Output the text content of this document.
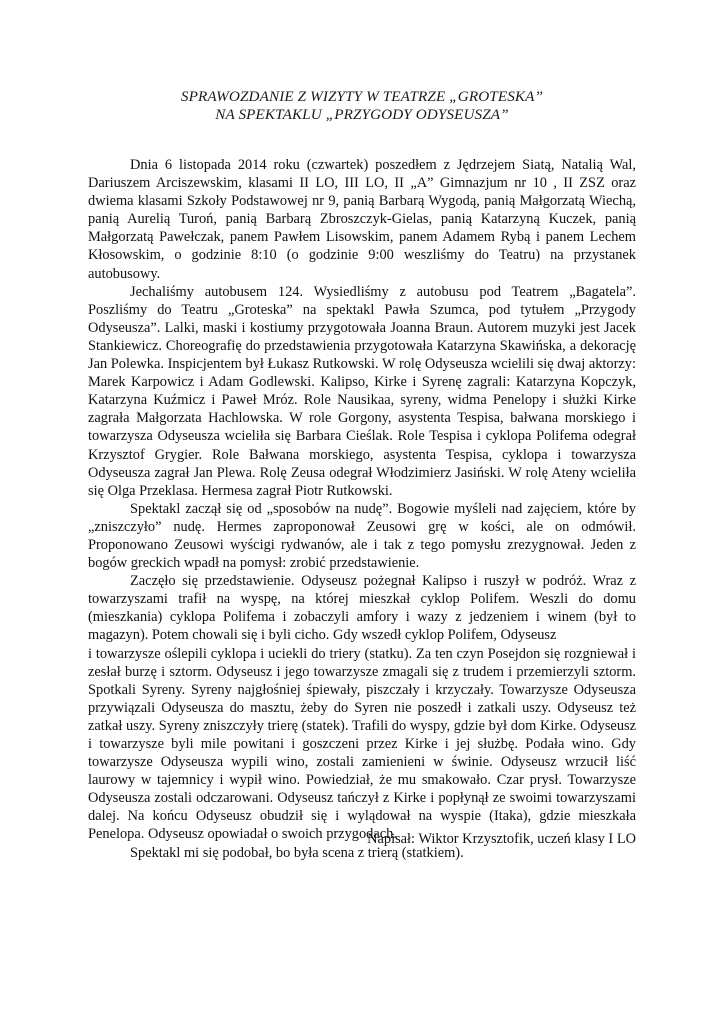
SPRAWOZDANIE Z WIZYTY W TEATRZE „GROTESKA”
NA SPEKTAKLU „PRZYGODY ODYSEUSZA”

Dnia 6 listopada 2014 roku (czwartek) poszedłem z Jędrzejem Siatą, Natalią Wal, Dariuszem Arciszewskim, klasami II LO, III LO, II „A” Gimnazjum nr 10 , II ZSZ oraz dwiema klasami Szkoły Podstawowej nr 9, panią Barbarą Wygodą, panią Małgorzatą Wiechą, panią Aurelią Turoń, panią Barbarą Zbroszczyk-Gielas, panią Katarzyną Kuczek, panią Małgorzatą Pawełczak, panem Pawłem Lisowskim, panem Adamem Rybą i panem Lechem Kłosowskim, o godzinie 8:10 (o godzinie 9:00 weszliśmy do Teatru) na przystanek autobusowy.

Jechaliśmy autobusem 124. Wysiedliśmy z autobusu pod Teatrem „Bagatela”. Poszliśmy do Teatru „Groteska” na spektakl Pawła Szumca, pod tytułem „Przygody Odyseusza”. Lalki, maski i kostiumy przygotowała Joanna Braun. Autorem muzyki jest Jacek Stankiewicz. Choreografię do przedstawienia przygotowała Katarzyna Skawińska, a dekorację Jan Polewka. Inspicjentem był Łukasz Rutkowski. W rolę Odyseusza wcielili się dwaj aktorzy: Marek Karpowicz i Adam Godlewski. Kalipso, Kirke i Syrenę zagrali: Katarzyna Kopczyk, Katarzyna Kuźmicz i Paweł Mróz. Role Nausikaa, syreny, widma Penelopy i służki Kirke zagrała Małgorzata Hachlowska. W role Gorgony, asystenta Tespisa, bałwana morskiego i towarzysza Odyseusza wcieliła się Barbara Cieślak. Role Tespisa i cyklopa Polifema odegrał Krzysztof Grygier. Role Bałwana morskiego, asystenta Tespisa, cyklopa i towarzysza Odyseusza zagrał Jan Plewa. Rolę Zeusa odegrał Włodzimierz Jasiński. W rolę Ateny wcieliła się Olga Przeklasa. Hermesa zagrał Piotr Rutkowski.

Spektakl zaczął się od „sposobów na nudę”. Bogowie myśleli nad zajęciem, które by „zniszczyło” nudę. Hermes zaproponował Zeusowi grę w kości, ale on odmówił. Proponowano Zeusowi wyścigi rydwanów, ale i tak z tego pomysłu zrezygnował. Jeden z bogów greckich wpadł na pomysł: zrobić przedstawienie.

Zaczęło się przedstawienie. Odyseusz pożegnał Kalipso i ruszył w podróż. Wraz z towarzyszami trafił na wyspę, na której mieszkał cyklop Polifem. Weszli do domu (mieszkania) cyklopa Polifema i zobaczyli amfory i wazy z jedzeniem i winem (był to magazyn). Potem chowali się i byli cicho. Gdy wszedł cyklop Polifem, Odyseusz

i towarzysze oślepili cyklopa i uciekli do triery (statku). Za ten czyn Posejdon się rozgniewał i zesłał burzę i sztorm. Odyseusz i jego towarzysze zmagali się z trudem i przemierzyli sztorm. Spotkali Syreny. Syreny najgłośniej śpiewały, piszczały i krzyczały. Towarzysze Odyseusza przywiązali Odyseusza do masztu, żeby do Syren nie poszedł i zatkali uszy. Odyseusz też zatkał uszy. Syreny zniszczyły trierę (statek). Trafili do wyspy, gdzie był dom Kirke. Odyseusz i towarzysze byli mile powitani i goszczeni przez Kirke i jej służbę. Podała wino. Gdy towarzysze Odyseusza wypili wino, zostali zamienieni w świnie. Odyseusz wrzucił liść laurowy w tajemnicy i wypił wino. Powiedział, że mu smakowało. Czar prysł. Towarzysze Odyseusza zostali odczarowani. Odyseusz tańczył z Kirke i popłynął ze swoimi towarzyszami dalej. Na końcu Odyseusz obudził się i wylądował na wyspie (Itaka), gdzie mieszkała Penelopa. Odyseusz opowiadał o swoich przygodach.

Spektakl mi się podobał, bo była scena z trierą (statkiem).

Napisał: Wiktor Krzysztofik, uczeń klasy I LO
